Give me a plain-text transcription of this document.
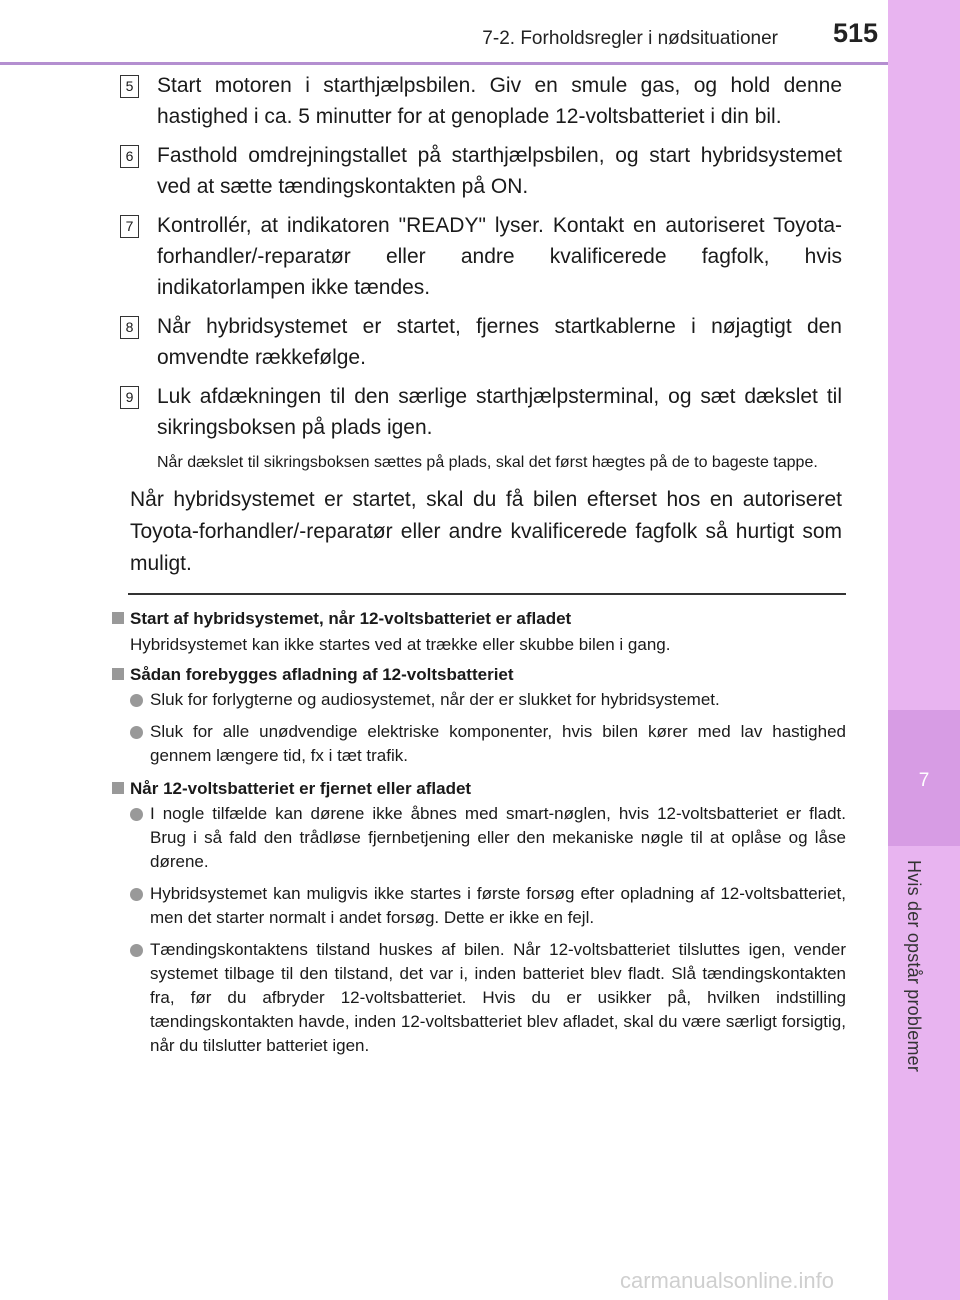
7-2. Forholdsregler i nødsituationer 515
7
Hvis der opstår problemer
5 Start motoren i starthjælpsbilen. Giv en smule gas, og hold denne hastighed i ca. 5 minutter for at genoplade 12-voltsbatteriet i din bil.
6 Fasthold omdrejningstallet på starthjælpsbilen, og start hybridsystemet ved at sætte tændingskontakten på ON.
7 Kontrollér, at indikatoren "READY" lyser. Kontakt en autoriseret Toyota-forhandler/-reparatør eller andre kvalificerede fagfolk, hvis indikatorlampen ikke tændes.
8 Når hybridsystemet er startet, fjernes startkablerne i nøjagtigt den omvendte rækkefølge.
9 Luk afdækningen til den særlige starthjælpsterminal, og sæt dækslet til sikringsboksen på plads igen.
Når dækslet til sikringsboksen sættes på plads, skal det først hægtes på de to bageste tappe.
Når hybridsystemet er startet, skal du få bilen efterset hos en autoriseret Toyota-forhandler/-reparatør eller andre kvalificerede fagfolk så hurtigt som muligt.
Start af hybridsystemet, når 12-voltsbatteriet er afladet
Hybridsystemet kan ikke startes ved at trække eller skubbe bilen i gang.
Sådan forebygges afladning af 12-voltsbatteriet
Sluk for forlygterne og audiosystemet, når der er slukket for hybridsystemet.
Sluk for alle unødvendige elektriske komponenter, hvis bilen kører med lav hastighed gennem længere tid, fx i tæt trafik.
Når 12-voltsbatteriet er fjernet eller afladet
I nogle tilfælde kan dørene ikke åbnes med smart-nøglen, hvis 12-voltsbatteriet er fladt. Brug i så fald den trådløse fjernbetjening eller den mekaniske nøgle til at oplåse og låse dørene.
Hybridsystemet kan muligvis ikke startes i første forsøg efter opladning af 12-voltsbatteriet, men det starter normalt i andet forsøg. Dette er ikke en fejl.
Tændingskontaktens tilstand huskes af bilen. Når 12-voltsbatteriet tilsluttes igen, vender systemet tilbage til den tilstand, det var i, inden batteriet blev fladt. Slå tændingskontakten fra, før du afbryder 12-voltsbatteriet. Hvis du er usikker på, hvilken indstilling tændingskontakten havde, inden 12-voltsbatteriet blev afladet, skal du være særligt forsigtig, når du tilslutter batteriet igen.
carmanualsonline.info
